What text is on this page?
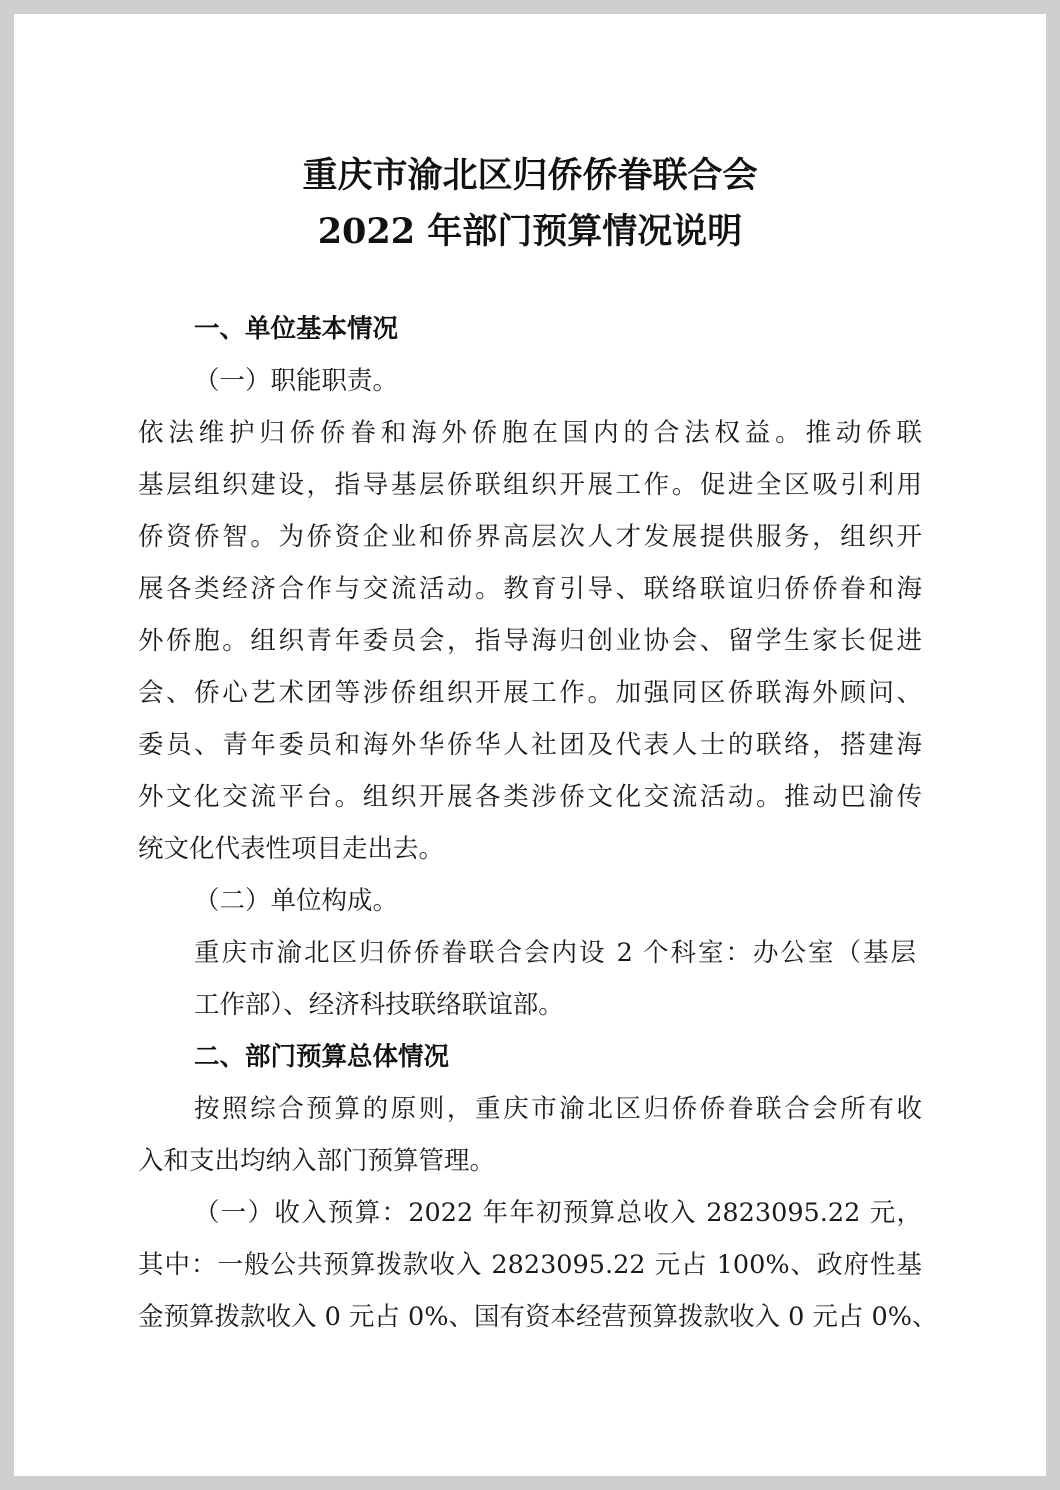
重庆市渝北区归侨侨眷联合会
2022 年部门预算情况说明

一、单位基本情况

（一）职能职责。

依法维护归侨侨眷和海外侨胞在国内的合法权益。推动侨联

基层组织建设，指导基层侨联组织开展工作。促进全区吸引利用

侨资侨智。为侨资企业和侨界高层次人才发展提供服务，组织开

展各类经济合作与交流活动。教育引导、联络联谊归侨侨眷和海

外侨胞。组织青年委员会，指导海归创业协会、留学生家长促进

会、侨心艺术团等涉侨组织开展工作。加强同区侨联海外顾问、

委员、青年委员和海外华侨华人社团及代表人士的联络，搭建海

外文化交流平台。组织开展各类涉侨文化交流活动。推动巴渝传

统文化代表性项目走出去。

（二）单位构成。

重庆市渝北区归侨侨眷联合会内设 2 个科室：办公室（基层

工作部）、经济科技联络联谊部。

二、部门预算总体情况

按照综合预算的原则，重庆市渝北区归侨侨眷联合会所有收

入和支出均纳入部门预算管理。

（一）收入预算：2022 年年初预算总收入 2823095.22 元，

其中：一般公共预算拨款收入 2823095.22 元占 100%、政府性基

金预算拨款收入 0 元占 0%、国有资本经营预算拨款收入 0 元占 0%、
